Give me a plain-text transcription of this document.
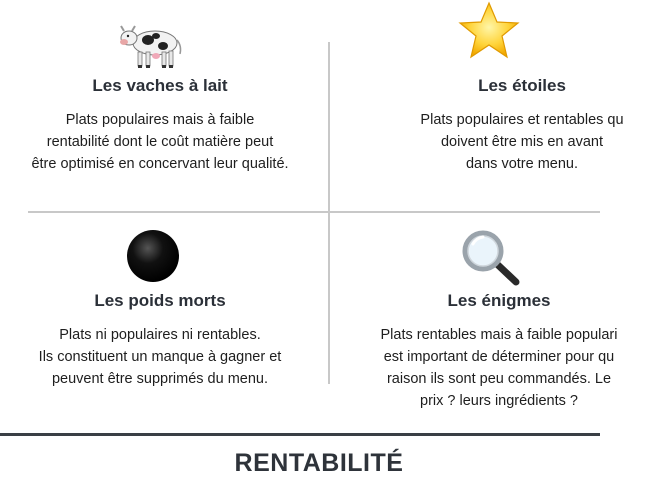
Les vaches à lait

Plats populaires mais à faible
rentabilité dont le coût matière peut
être optimisé en concervant leur qualité.

Les étoiles

Plats populaires et rentables qu
doivent être mis en avant
dans votre menu.

Les poids morts

Plats ni populaires ni rentables.
Ils constituent un manque à gagner et
peuvent être supprimés du menu.

Les énigmes

Plats rentables mais à faible populari
est important de déterminer pour qu
raison ils sont peu commandés. Le
prix ? leurs ingrédients ?

RENTABILITÉ
